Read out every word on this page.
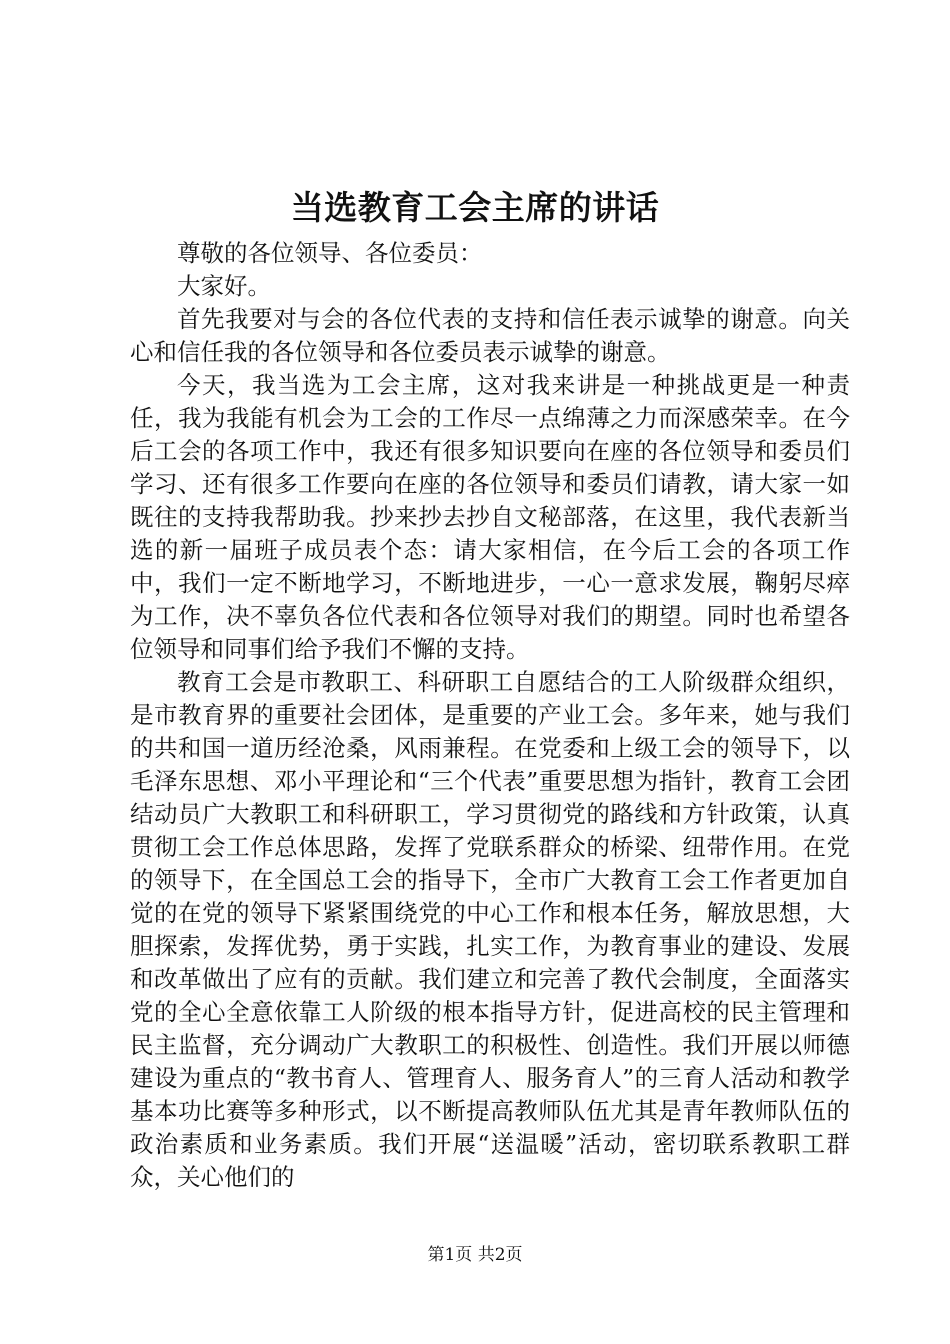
当选教育工会主席的讲话

尊敬的各位领导、各位委员：

大家好。

首先我要对与会的各位代表的支持和信任表示诚挚的谢意。向关心和信任我的各位领导和各位委员表示诚挚的谢意。

今天，我当选为工会主席，这对我来讲是一种挑战更是一种责任，我为我能有机会为工会的工作尽一点绵薄之力而深感荣幸。在今后工会的各项工作中，我还有很多知识要向在座的各位领导和委员们学习、还有很多工作要向在座的各位领导和委员们请教，请大家一如既往的支持我帮助我。抄来抄去抄自文秘部落，在这里，我代表新当选的新一届班子成员表个态：请大家相信，在今后工会的各项工作中，我们一定不断地学习，不断地进步，一心一意求发展，鞠躬尽瘁为工作，决不辜负各位代表和各位领导对我们的期望。同时也希望各位领导和同事们给予我们不懈的支持。

教育工会是市教职工、科研职工自愿结合的工人阶级群众组织，是市教育界的重要社会团体，是重要的产业工会。多年来，她与我们的共和国一道历经沧桑，风雨兼程。在党委和上级工会的领导下，以毛泽东思想、邓小平理论和“三个代表”重要思想为指针，教育工会团结动员广大教职工和科研职工，学习贯彻党的路线和方针政策，认真贯彻工会工作总体思路，发挥了党联系群众的桥梁、纽带作用。在党的领导下，在全国总工会的指导下，全市广大教育工会工作者更加自觉的在党的领导下紧紧围绕党的中心工作和根本任务，解放思想，大胆探索，发挥优势，勇于实践，扎实工作，为教育事业的建设、发展和改革做出了应有的贡献。我们建立和完善了教代会制度，全面落实党的全心全意依靠工人阶级的根本指导方针，促进高校的民主管理和民主监督，充分调动广大教职工的积极性、创造性。我们开展以师德建设为重点的“教书育人、管理育人、服务育人”的三育人活动和教学基本功比赛等多种形式，以不断提高教师队伍尤其是青年教师队伍的政治素质和业务素质。我们开展“送温暖”活动，密切联系教职工群众，关心他们的

第1页 共2页
